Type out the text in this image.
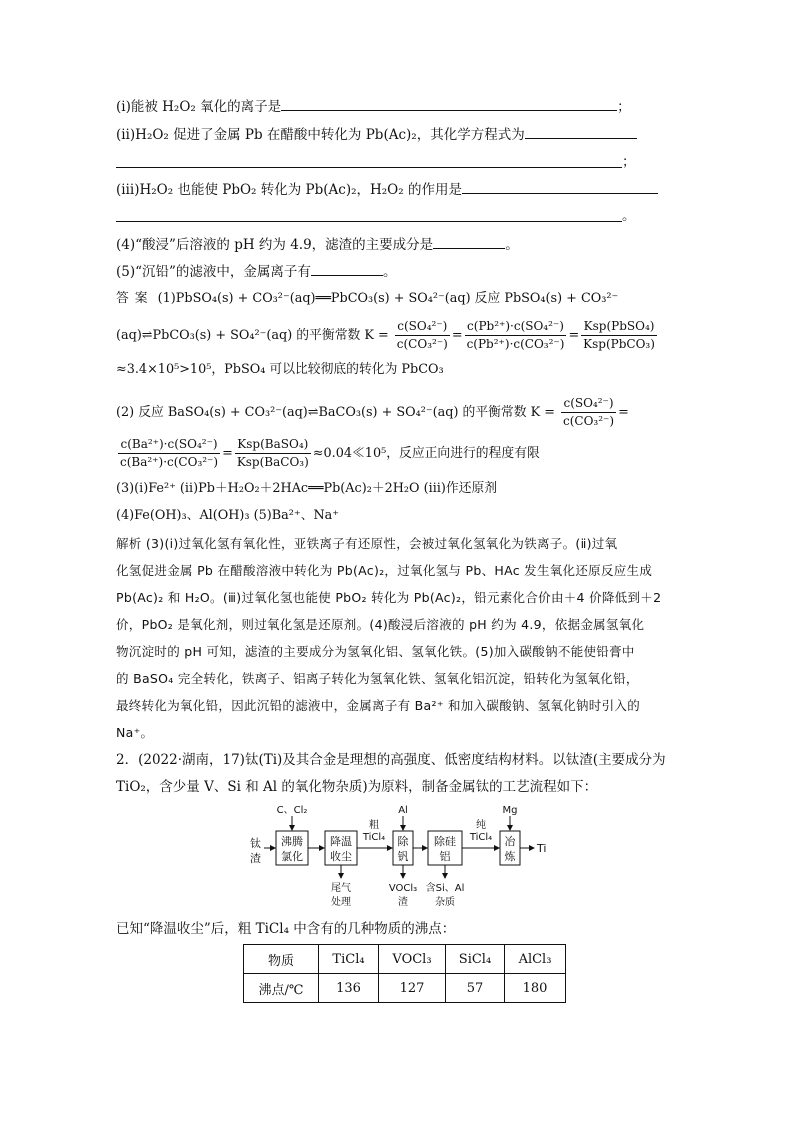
(ⅰ)能被 H₂O₂ 氧化的离子是	；
(ⅱ)H₂O₂ 促进了金属 Pb 在醋酸中转化为 Pb(Ac)₂，其化学方程式为
；
(ⅲ)H₂O₂ 也能使 PbO₂ 转化为 Pb(Ac)₂，H₂O₂ 的作用是
。
(4)“酸浸”后溶液的 pH 约为 4.9，滤渣的主要成分是	。
(5)“沉铅”的滤液中，金属离子有	。
答案 (1)PbSO₄(s) + CO₃²⁻(aq)══PbCO₃(s) + SO₄²⁻(aq) 反应 PbSO₄(s) + CO₃²⁻
(aq)⇌PbCO₃(s) + SO₄²⁻(aq) 的平衡常数 $K = \frac{\text{c(SO₄²⁻)}}{\text{c(CO₃²⁻)}} = \frac{\text{c(Pb²⁺)·c(SO₄²⁻)}}{\text{c(Pb²⁺)·c(CO₃²⁻)}} = \frac{\text{Ksp(PbSO₄)}}{\text{Ksp(PbCO₃)}}$
≈3.4×10⁵>10⁵，PbSO₄ 可以比较彻底的转化为 PbCO₃
(2) 反应 BaSO₄(s) + CO₃²⁻(aq)⇌BaCO₃(s) + SO₄²⁻(aq) 的平衡常数 $K = \frac{\text{c(SO₄²⁻)}}{\text{c(CO₃²⁻)}}$ =
$\frac{\text{c(Ba²⁺)·c(SO₄²⁻)}}{\text{c(Ba²⁺)·c(CO₃²⁻)}} = \frac{\text{Ksp(BaSO₄)}}{\text{Ksp(BaCO₃)}}$ ≈0.04≪10⁵，反应正向进行的程度有限
(3)(ⅰ)Fe²⁺ (ⅱ)Pb＋H₂O₂＋2HAc══Pb(Ac)₂＋2H₂O (ⅲ)作还原剂
(4)Fe(OH)₃、Al(OH)₃ (5)Ba²⁺、Na⁺
解析 (3)(ⅰ)过氧化氢有氧化性，亚铁离子有还原性，会被过氧化氢氧化为铁离子。(ⅱ)过氧
化氢促进金属 Pb 在醋酸溶液中转化为 Pb(Ac)₂，过氧化氢与 Pb、HAc 发生氧化还原反应生成
Pb(Ac)₂ 和 H₂O。(ⅲ)过氧化氢也能使 PbO₂ 转化为 Pb(Ac)₂，铅元素化合价由＋4 价降低到＋2
价，PbO₂ 是氧化剂，则过氧化氢是还原剂。(4)酸浸后溶液的 pH 约为 4.9，依据金属氢氧化
物沉淀时的 pH 可知，滤渣的主要成分为氢氧化铝、氢氧化铁。(5)加入碳酸钠不能使铅膏中
的 BaSO₄ 完全转化，铁离子、铝离子转化为氢氧化铁、氢氧化铝沉淀，铅转化为氢氧化铅，
最终转化为氧化铅，因此沉铅的滤液中，金属离子有 Ba²⁺ 和加入碳酸钠、氢氧化钠时引入的
Na⁺。
2．(2022·湖南，17)钛(Ti)及其合金是理想的高强度、低密度结构材料。以钛渣(主要成分为
TiO₂，含少量 V、Si 和 Al 的氧化物杂质)为原料，制备金属钛的工艺流程如下：
钛
渣
沸腾
氯化
降温
收尘
除
钒
除硅
铝
冶
炼
粗
TiCl₄
纯
TiCl₄
Ti
C、Cl₂	Al	Mg
尾气
处理
VOCl₃
渣
含Si、Al
杂质
已知“降温收尘”后，粗 TiCl₄ 中含有的几种物质的沸点：
物质	TiCl₄	VOCl₃	SiCl₄	AlCl₃
沸点/℃	136	127	57	180
